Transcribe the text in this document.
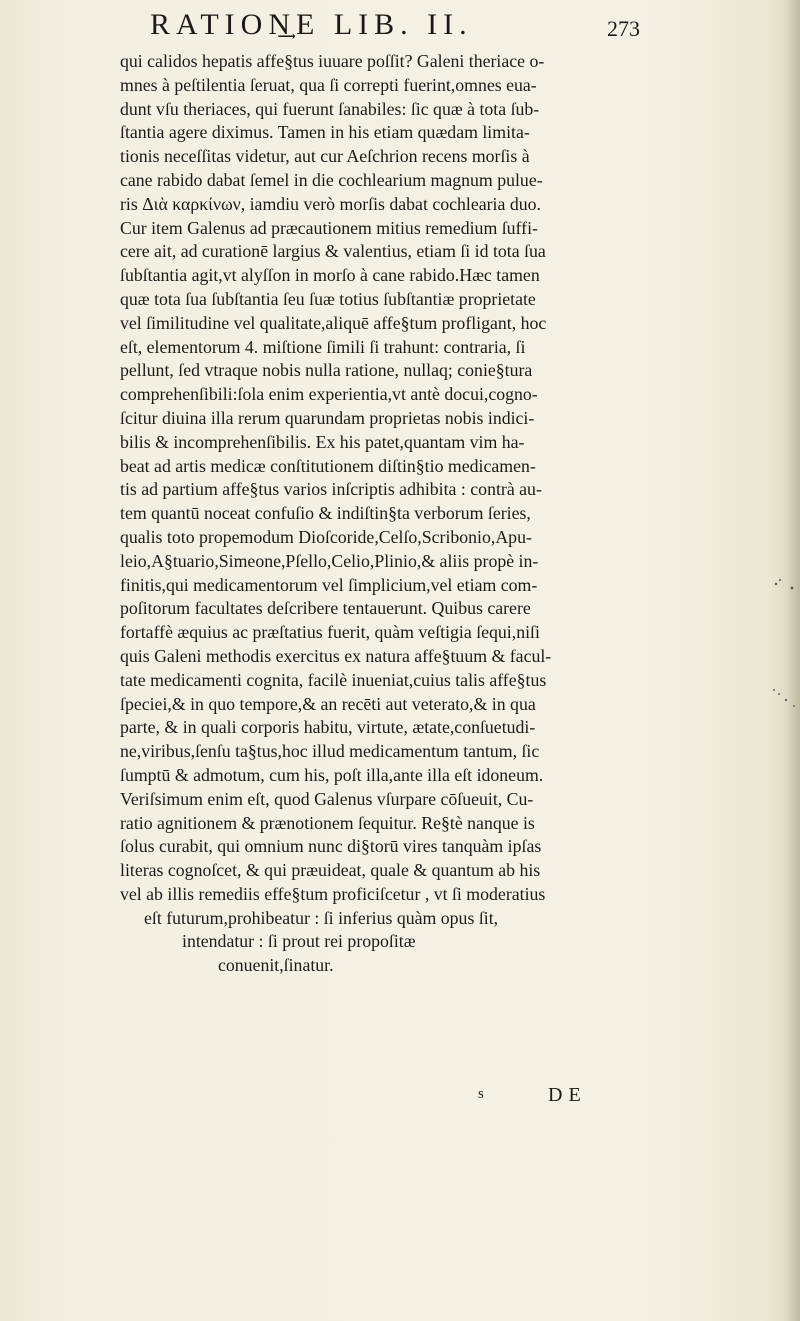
RATION͢E LIB. II.	273
qui calidos hepatis affe§tus iuuare poſſit? Galeni theriace o-
mnes à peſtilentia ſeruat, qua ſi correpti fuerint,omnes eua-
dunt vſu theriaces, qui fuerunt ſanabiles: ſic quæ à tota ſub-
ſtantia agere diximus. Tamen in his etiam quædam limita-
tionis neceſſitas videtur, aut cur Aeſchrion recens morſis à
cane rabido dabat ſemel in die cochlearium magnum pulue-
ris Διὰ καρκίνων, iamdiu verò morſis dabat cochlearia duo.
Cur item Galenus ad præcautionem mitius remedium ſuffi-
cere ait, ad curationē largius & valentius, etiam ſi id tota ſua
ſubſtantia agit,vt alyſſon in morſo à cane rabido.Hæc tamen
quæ tota ſua ſubſtantia ſeu ſuæ totius ſubſtantiæ proprietate
vel ſimilitudine vel qualitate,aliquē affe§tum profligant, hoc
eſt, elementorum 4. miſtione ſimili ſi trahunt: contraria, ſi
pellunt, ſed vtraque nobis nulla ratione, nullaq; conie§tura
comprehenſibili:ſola enim experientia,vt antè docui,cogno-
ſcitur diuina illa rerum quarundam proprietas nobis indici-
bilis & incomprehenſibilis. Ex his patet,quantam vim ha-
beat ad artis medicæ conſtitutionem diſtin§tio medicamen-
tis ad partium affe§tus varios inſcriptis adhibita : contrà au-
tem quantū noceat confuſio & indiſtin§ta verborum ſeries,
qualis toto propemodum Dioſcoride,Celſo,Scribonio,Apu-
leio,A§tuario,Simeone,Pſello,Celio,Plinio,& aliis propè in-
finitis,qui medicamentorum vel ſimplicium,vel etiam com-
poſitorum facultates deſcribere tentauerunt. Quibus carere
fortaffè æquius ac præſtatius fuerit, quàm veſtigia ſequi,niſi
quis Galeni methodis exercitus ex natura affe§tuum & facul-
tate medicamenti cognita, facilè inueniat,cuius talis affe§tus
ſpeciei,& in quo tempore,& an recēti aut veterato,& in qua
parte, & in quali corporis habitu, virtute, ætate,conſuetudi-
ne,viribus,ſenſu ta§tus,hoc illud medicamentum tantum, ſic
ſumptū & admotum, cum his, poſt illa,ante illa eſt idoneum.
Veriſsimum enim eſt, quod Galenus vſurpare cōſueuit, Cu-
ratio agnitionem & prænotionem ſequitur. Re§tè nanque is
ſolus curabit, qui omnium nunc di§torū vires tanquàm ipſas
literas cognoſcet, & qui præuideat, quale & quantum ab his
vel ab illis remediis effe§tum proficiſcetur , vt ſi moderatius
eſt futurum,prohibeatur : ſi inferius quàm opus ſit,
intendatur : ſi prout rei propoſitæ
conuenit,ſinatur.
s	DE
